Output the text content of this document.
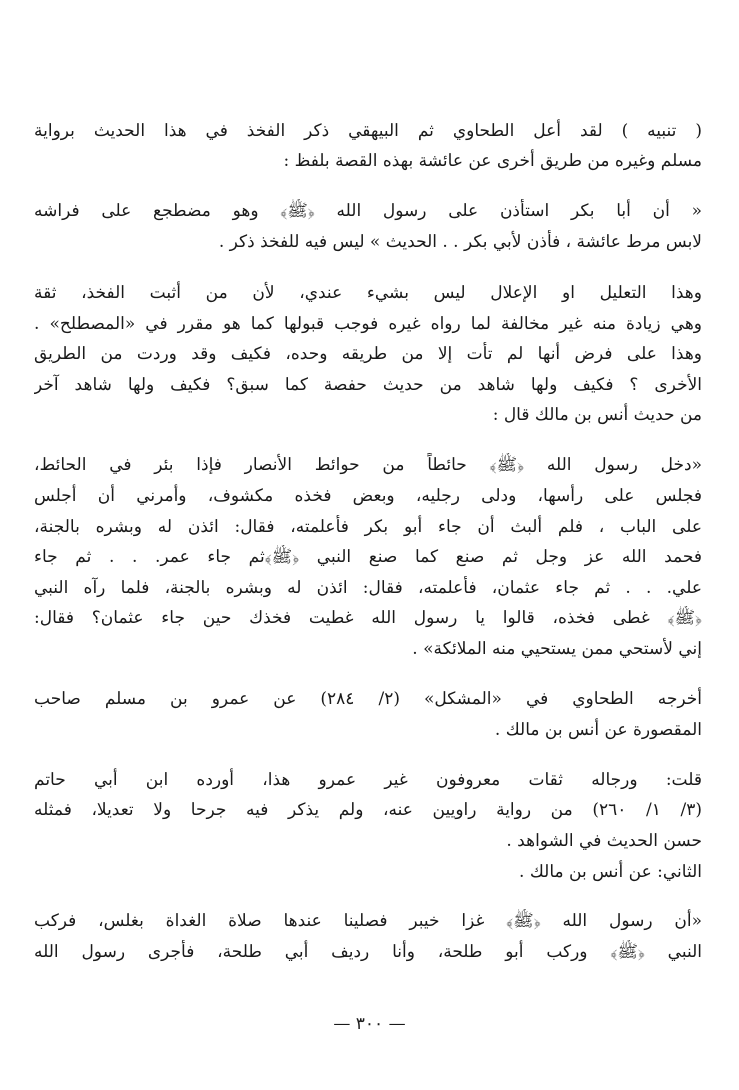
( تنبيه ) لقد أعل الطحاوي ثم البيهقي ذكر الفخذ في هذا الحديث برواية
مسلم وغيره من طريق أخرى عن عائشة بهذه القصة بلفظ :
« أن أبا بكر استأذن على رسول الله ﴿ﷺ﴾ وهو مضطجع على فراشه
لابس مرط عائشة ، فأذن لأبي بكر . . الحديث » ليس فيه للفخذ ذكر .
وهذا التعليل او الإعلال ليس بشيء عندي، لأن من أثبت الفخذ، ثقة
وهي زيادة منه غير مخالفة لما رواه غيره فوجب قبولها كما هو مقرر في «المصطلح» .
وهذا على فرض أنها لم تأت إلا من طريقه وحده، فكيف وقد وردت من الطريق
الأخرى ؟ فكيف ولها شاهد من حديث حفصة كما سبق؟ فكيف ولها شاهد آخر
من حديث أنس بن مالك قال :
«دخل رسول الله ﴿ﷺ﴾ حائطاً من حوائط الأنصار فإذا بئر في الحائط،
فجلس على رأسها، ودلى رجليه، وبعض فخذه مكشوف، وأمرني أن أجلس
على الباب ، فلم ألبث أن جاء أبو بكر فأعلمته، فقال: ائذن له وبشره بالجنة،
فحمد الله عز وجل ثم صنع كما صنع النبي ﴿ﷺ﴾ثم جاء عمر. . . ثم جاء
علي. . . ثم جاء عثمان، فأعلمته، فقال: ائذن له وبشره بالجنة، فلما رآه النبي
﴿ﷺ﴾ غطى فخذه، قالوا يا رسول الله غطيت فخذك حين جاء عثمان؟ فقال:
إني لأستحي ممن يستحيي منه الملائكة» .
أخرجه الطحاوي في «المشكل» (٢/ ٢٨٤) عن عمرو بن مسلم صاحب
المقصورة عن أنس بن مالك .
قلت: ورجاله ثقات معروفون غير عمرو هذا، أورده ابن أبي حاتم
(٣/ ١/ ٢٦٠) من رواية راويين عنه، ولم يذكر فيه جرحا ولا تعديلا، فمثله
حسن الحديث في الشواهد .
الثاني: عن أنس بن مالك .
«أن رسول الله ﴿ﷺ﴾ غزا خيبر فصلينا عندها صلاة الغداة بغلس، فركب
النبي ﴿ﷺ﴾ وركب أبو طلحة، وأنا رديف أبي طلحة، فأجرى رسول الله
— ٣٠٠ —
